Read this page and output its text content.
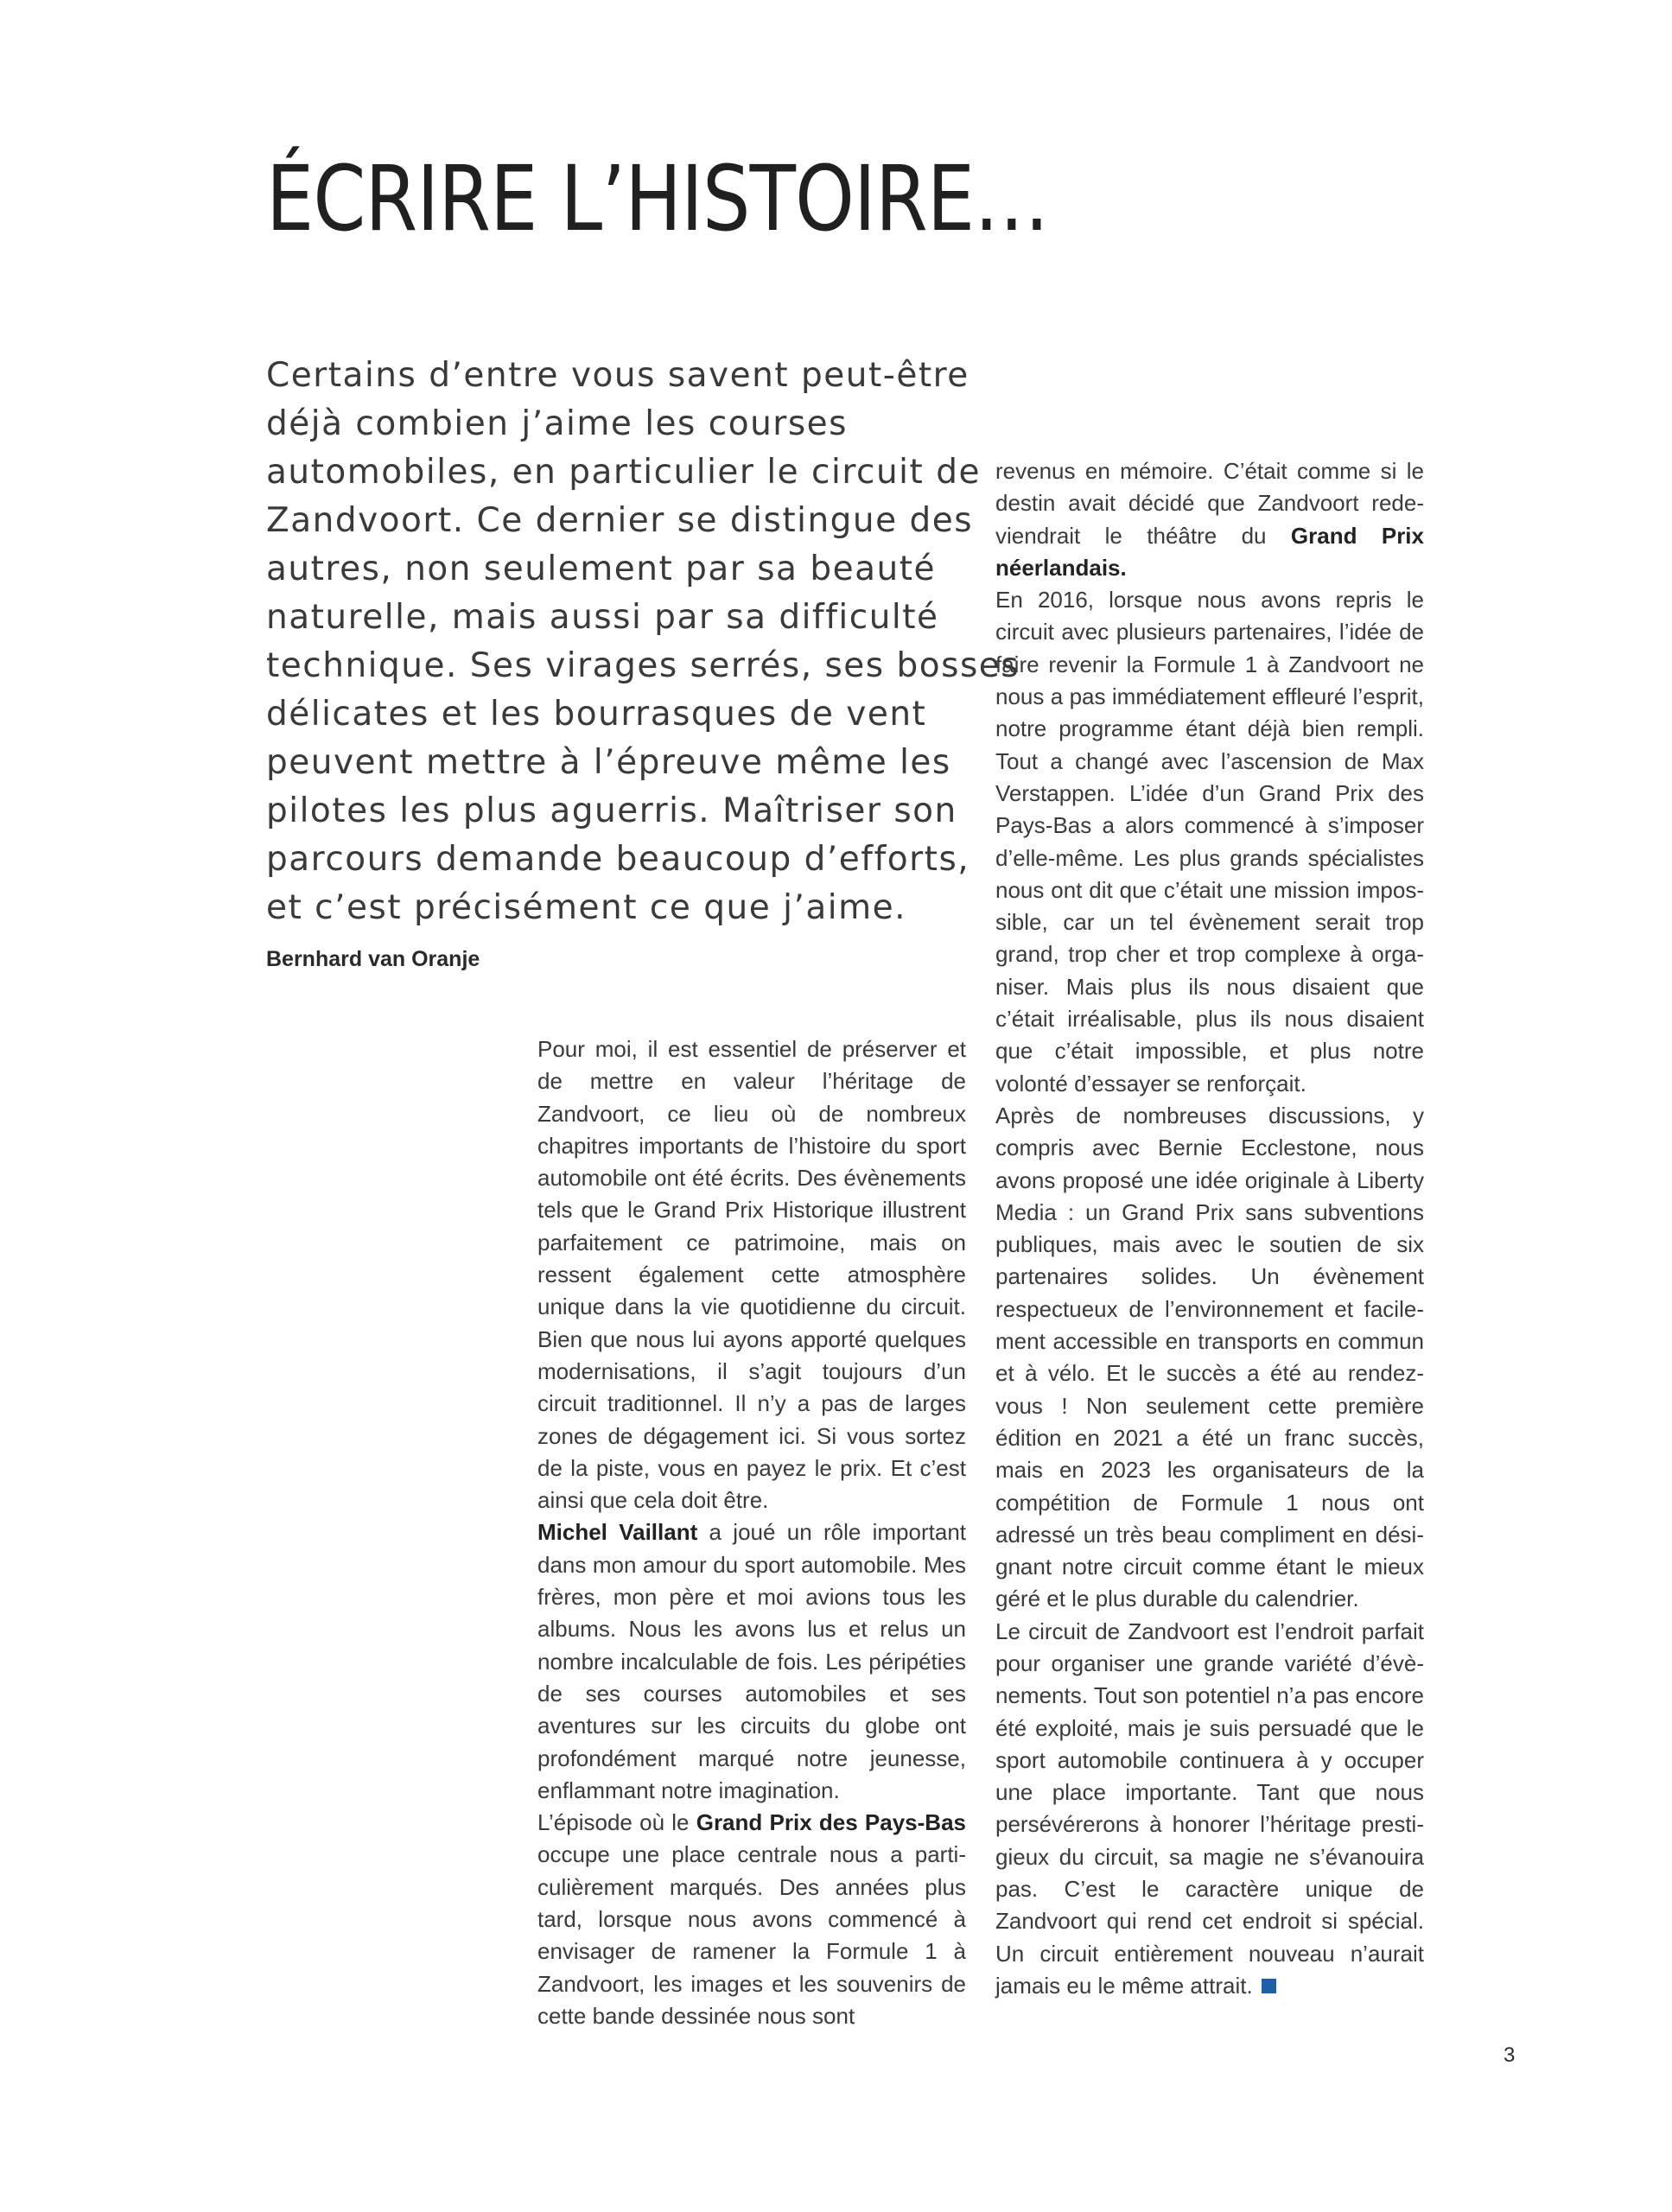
ÉCRIRE L’HISTOIRE…
Certains d’entre vous savent peut-être
déjà combien j’aime les courses
automobiles, en particulier le circuit de
Zandvoort. Ce dernier se distingue des
autres, non seulement par sa beauté
naturelle, mais aussi par sa difficulté
technique. Ses virages serrés, ses bosses
délicates et les bourrasques de vent
peuvent mettre à l’épreuve même les
pilotes les plus aguerris. Maîtriser son
parcours demande beaucoup d’efforts,
et c’est précisément ce que j’aime.

Bernhard van Oranje

Pour moi, il est essentiel de préserver et de mettre en valeur l’héritage de Zandvoort, ce lieu où de nombreux chapitres importants de l’histoire du sport automobile ont été écrits. Des évènements tels que le Grand Prix Historique illustrent parfaitement ce patrimoine, mais on ressent également cette atmosphère unique dans la vie quotidienne du circuit. Bien que nous lui ayons apporté quelques modernisations, il s’agit toujours d’un circuit traditionnel. Il n’y a pas de larges zones de dégagement ici. Si vous sortez de la piste, vous en payez le prix. Et c’est ainsi que cela doit être.

Michel Vaillant a joué un rôle important dans mon amour du sport automobile. Mes frères, mon père et moi avions tous les albums. Nous les avons lus et relus un nombre incalculable de fois. Les péripéties de ses courses automobiles et ses aventures sur les circuits du globe ont profondément marqué notre jeunesse, enflammant notre imagination.

L’épisode où le Grand Prix des Pays-Bas occupe une place centrale nous a particulièrement marqués. Des années plus tard, lorsque nous avons commencé à envisager de ramener la Formule 1 à Zandvoort, les images et les souvenirs de cette bande dessinée nous sont

revenus en mémoire. C’était comme si le destin avait décidé que Zandvoort redeviendrait le théâtre du Grand Prix néerlandais.

En 2016, lorsque nous avons repris le circuit avec plusieurs partenaires, l’idée de faire revenir la Formule 1 à Zandvoort ne nous a pas immédiatement effleuré l’esprit, notre programme étant déjà bien rempli. Tout a changé avec l’ascension de Max Verstappen. L’idée d’un Grand Prix des Pays-Bas a alors commencé à s’imposer d’elle-même. Les plus grands spécialistes nous ont dit que c’était une mission impossible, car un tel évènement serait trop grand, trop cher et trop complexe à organiser. Mais plus ils nous disaient que c’était irréalisable, plus ils nous disaient que c’était impossible, et plus notre volonté d’essayer se renforçait.

Après de nombreuses discussions, y compris avec Bernie Ecclestone, nous avons proposé une idée originale à Liberty Media : un Grand Prix sans subventions publiques, mais avec le soutien de six partenaires solides. Un évènement respectueux de l’environnement et facilement accessible en transports en commun et à vélo. Et le succès a été au rendez-vous ! Non seulement cette première édition en 2021 a été un franc succès, mais en 2023 les organisateurs de la compétition de Formule 1 nous ont adressé un très beau compliment en désignant notre circuit comme étant le mieux géré et le plus durable du calendrier.

Le circuit de Zandvoort est l’endroit parfait pour organiser une grande variété d’évènements. Tout son potentiel n’a pas encore été exploité, mais je suis persuadé que le sport automobile continuera à y occuper une place importante. Tant que nous persévérerons à honorer l’héritage prestigieux du circuit, sa magie ne s’évanouira pas. C’est le caractère unique de Zandvoort qui rend cet endroit si spécial. Un circuit entièrement nouveau n’aurait jamais eu le même attrait.

3
